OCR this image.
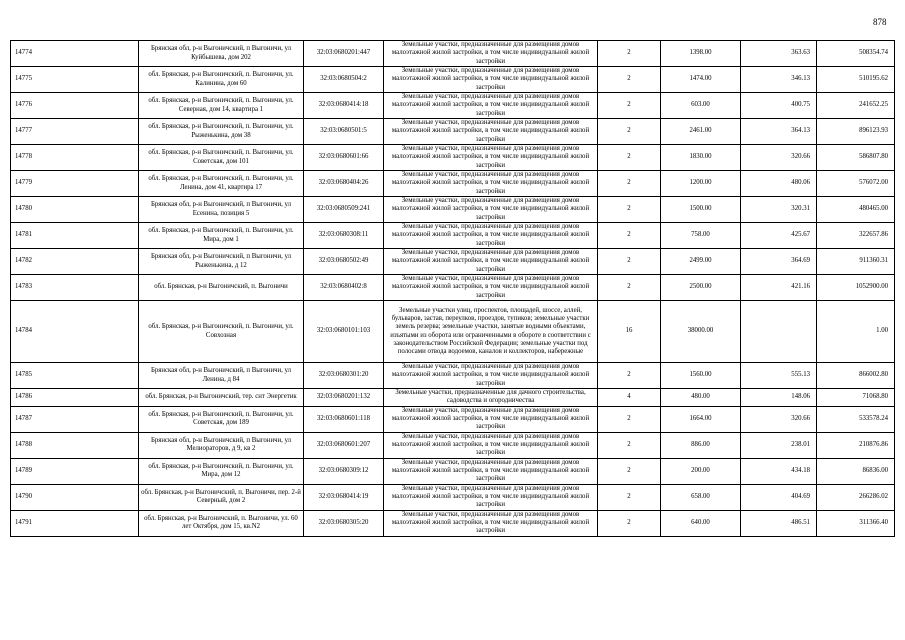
878
14774	Брянская обл, р-н Выгоничский, п Выгоничи, ул Куйбышева, дом 202	32:03:0680201:447	Земельные участки, предназначенные для размещения домов малоэтажной жилой застройки, в том числе индивидуальной жилой застройки	2	1398.00	363.63	508354.74
14775	обл. Брянская, р-н Выгоничский, п. Выгоничи, ул. Калинина, дом 60	32:03:0680504:2	Земельные участки, предназначенные для размещения домов малоэтажной жилой застройки, в том числе индивидуальной жилой застройки	2	1474.00	346.13	510195.62
14776	обл. Брянская, р-н Выгоничский, п. Выгоничи, ул. Северная, дом 14, квартира 1	32:03:0680414:18	Земельные участки, предназначенные для размещения домов малоэтажной жилой застройки, в том числе индивидуальной жилой застройки	2	603.00	400.75	241652.25
14777	обл. Брянская, р-н Выгоничский, п. Выгоничи, ул. Рыженькина, дом 38	32:03:0680501:5	Земельные участки, предназначенные для размещения домов малоэтажной жилой застройки, в том числе индивидуальной жилой застройки	2	2461.00	364.13	896123.93
14778	обл. Брянская, р-н Выгоничский, п. Выгоничи, ул. Советская, дом 101	32:03:0680601:66	Земельные участки, предназначенные для размещения домов малоэтажной жилой застройки, в том числе индивидуальной жилой застройки	2	1830.00	320.66	586807.80
14779	обл. Брянская, р-н Выгоничский, п. Выгоничи, ул. Ленина, дом 41, квартира 17	32:03:0680404:26	Земельные участки, предназначенные для размещения домов малоэтажной жилой застройки, в том числе индивидуальной жилой застройки	2	1200.00	480.06	576072.00
14780	Брянская обл, р-н Выгоничский, п Выгоничи, ул Есенина, позиция 5	32:03:0680509:241	Земельные участки, предназначенные для размещения домов малоэтажной жилой застройки, в том числе индивидуальной жилой застройки	2	1500.00	320.31	480465.00
14781	обл. Брянская, р-н Выгоничский, п. Выгоничи, ул. Мира, дом 1	32:03:0680308:11	Земельные участки, предназначенные для размещения домов малоэтажной жилой застройки, в том числе индивидуальной жилой застройки	2	758.00	425.67	322657.86
14782	Брянская обл, р-н Выгоничский, п Выгоничи, ул Рыженькина, д 12	32:03:0680502:49	Земельные участки, предназначенные для размещения домов малоэтажной жилой застройки, в том числе индивидуальной жилой застройки	2	2499.00	364.69	911360.31
14783	обл. Брянская, р-н Выгоничский, п. Выгоничи	32:03:0680402:8	Земельные участки, предназначенные для размещения домов малоэтажной жилой застройки, в том числе индивидуальной жилой застройки	2	2500.00	421.16	1052900.00
14784	обл. Брянская, р-н Выгоничский, п. Выгоничи, ул. Совхозная	32:03:0680101:103	Земельные участки улиц, проспектов, площадей, шоссе, аллей, бульваров, застав, переулков, проездов, тупиков; земельные участки земель резерва; земельные участки, занятые водными объектами, изъятыми из оборота или ограниченными в обороте в соответствии с законодательством Российской Федерации; земельные участки под полосами отвода водоемов, каналов и коллекторов, набережные	16	38000.00		1.00
14785	Брянская обл, р-н Выгоничский, п Выгоничи, ул Ленина, д 84	32:03:0680301:20	Земельные участки, предназначенные для размещения домов малоэтажной жилой застройки, в том числе индивидуальной жилой застройки	2	1560.00	555.13	866002.80
14786	обл. Брянская, р-н Выгоничский, тер. снт Энергетик	32:03:0680201:132	Земельные участки, предназначенные для дачного строительства, садоводства и огородничества	4	480.00	148.06	71068.80
14787	обл. Брянская, р-н Выгоничский, п. Выгоничи, ул. Советская, дом 189	32:03:0680601:118	Земельные участки, предназначенные для размещения домов малоэтажной жилой застройки, в том числе индивидуальной жилой застройки	2	1664.00	320.66	533578.24
14788	Брянская обл, р-н Выгоничский, п Выгоничи, ул Мелиораторов, д 9, кв 2	32:03:0680601:207	Земельные участки, предназначенные для размещения домов малоэтажной жилой застройки, в том числе индивидуальной жилой застройки	2	886.00	238.01	210876.86
14789	обл. Брянская, р-н Выгоничский, п. Выгоничи, ул. Мира, дом 12	32:03:0680309:12	Земельные участки, предназначенные для размещения домов малоэтажной жилой застройки, в том числе индивидуальной жилой застройки	2	200.00	434.18	86836.00
14790	обл. Брянская, р-н Выгоничский, п. Выгоничи, пер. 2-й Северный, дом 2	32:03:0680414:19	Земельные участки, предназначенные для размещения домов малоэтажной жилой застройки, в том числе индивидуальной жилой застройки	2	658.00	404.69	266286.02
14791	обл. Брянская, р-н Выгоничский, п. Выгоничи, ул. 60 лет Октября, дом 15, кв.N2	32:03:0680305:20	Земельные участки, предназначенные для размещения домов малоэтажной жилой застройки, в том числе индивидуальной жилой застройки	2	640.00	486.51	311366.40
